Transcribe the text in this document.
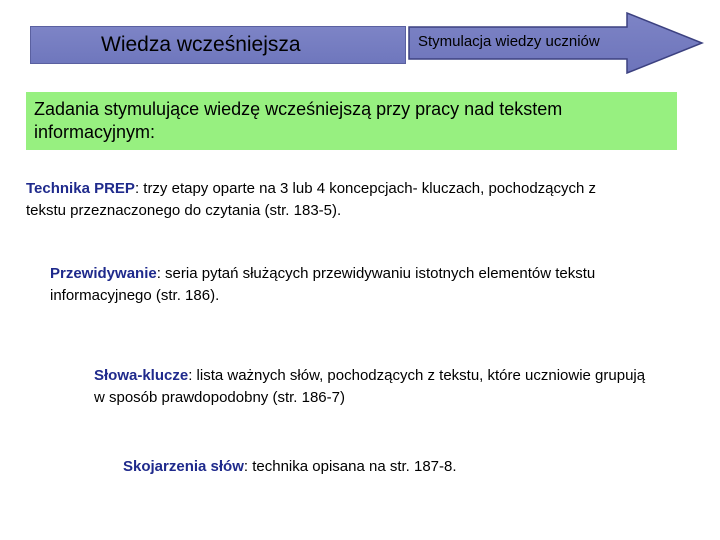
Wiedza wcześniejsza	Stymulacja wiedzy uczniów

Zadania stymulujące wiedzę wcześniejszą przy pracy nad tekstem informacyjnym:

Technika PREP: trzy etapy oparte na 3 lub 4 koncepcjach- kluczach, pochodzących z tekstu przeznaczonego do czytania (str. 183-5).

Przewidywanie: seria pytań służących przewidywaniu istotnych elementów tekstu informacyjnego (str. 186).

Słowa-klucze: lista ważnych słów, pochodzących z tekstu, które uczniowie grupują w sposób prawdopodobny (str. 186-7)

Skojarzenia słów: technika opisana na str. 187-8.
